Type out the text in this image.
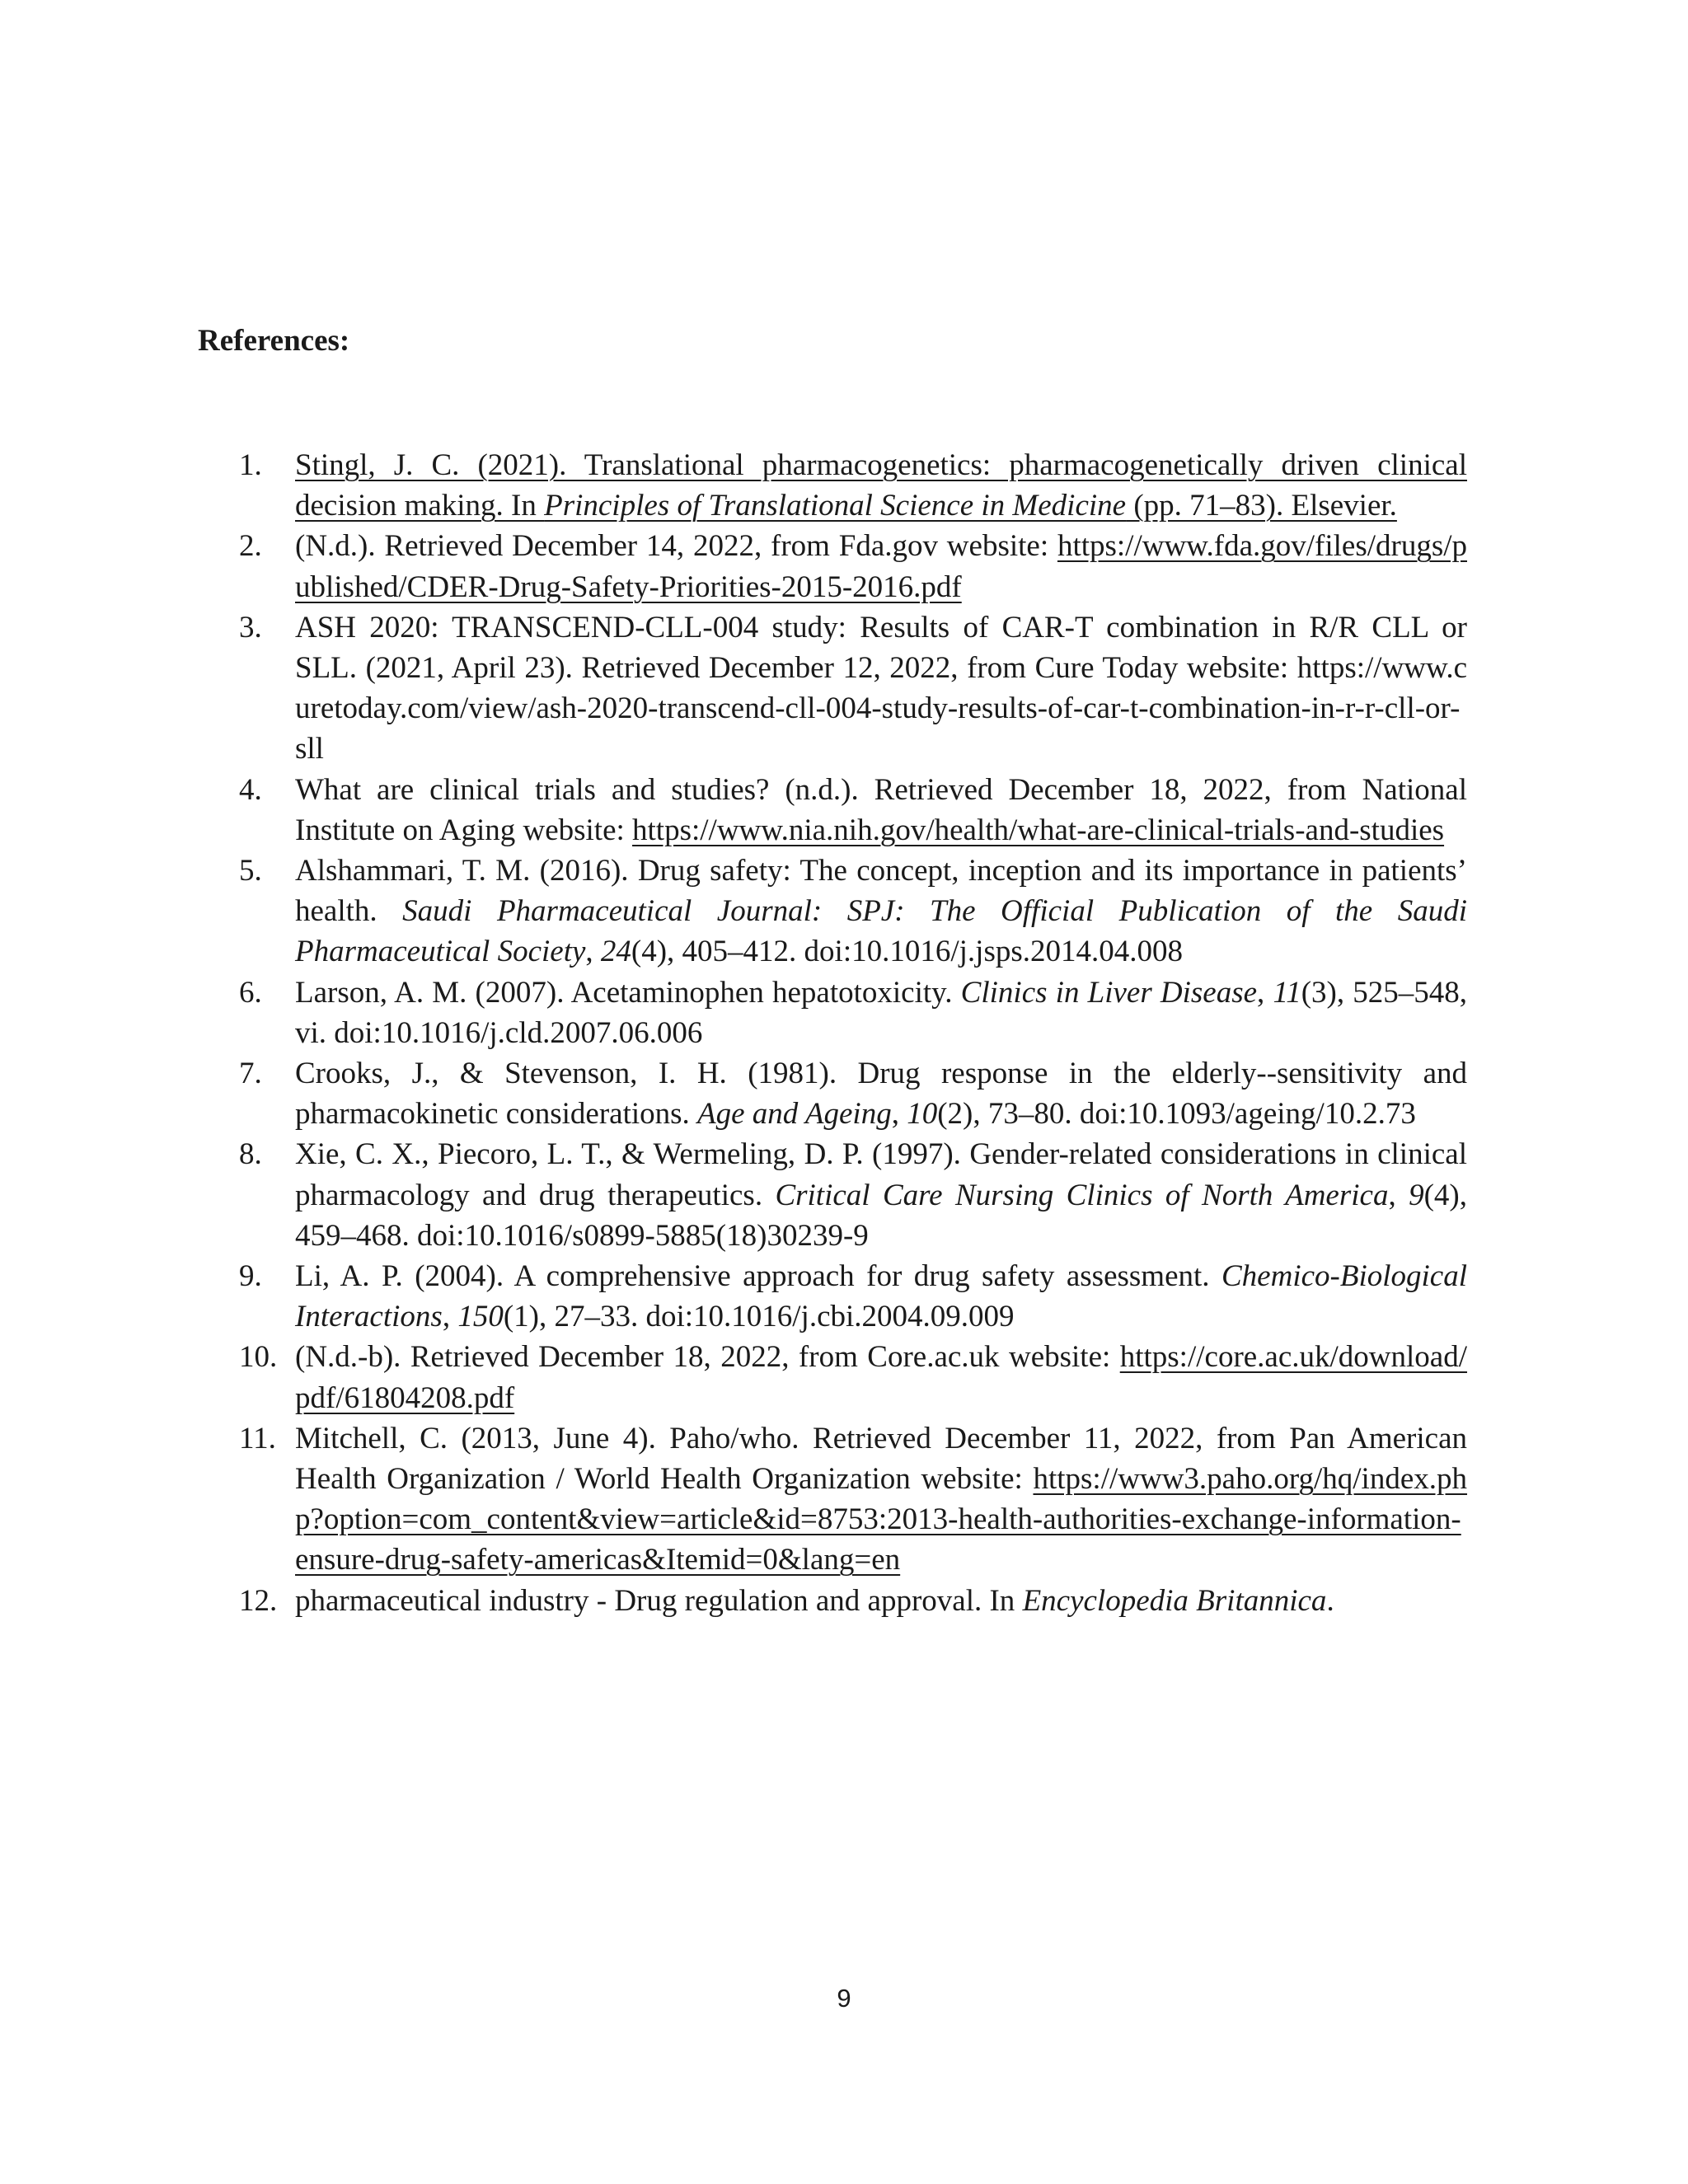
References:
1. Stingl, J. C. (2021). Translational pharmacogenetics: pharmacogenetically driven clinical decision making. In Principles of Translational Science in Medicine (pp. 71–83). Elsevier.
2. (N.d.). Retrieved December 14, 2022, from Fda.gov website: https://www.fda.gov/files/drugs/published/CDER-Drug-Safety-Priorities-2015-2016.pdf
3. ASH 2020: TRANSCEND-CLL-004 study: Results of CAR-T combination in R/R CLL or SLL. (2021, April 23). Retrieved December 12, 2022, from Cure Today website: https://www.curetoday.com/view/ash-2020-transcend-cll-004-study-results-of-car-t-combination-in-r-r-cll-or-sll
4. What are clinical trials and studies? (n.d.). Retrieved December 18, 2022, from National Institute on Aging website: https://www.nia.nih.gov/health/what-are-clinical-trials-and-studies
5. Alshammari, T. M. (2016). Drug safety: The concept, inception and its importance in patients’ health. Saudi Pharmaceutical Journal: SPJ: The Official Publication of the Saudi Pharmaceutical Society, 24(4), 405–412. doi:10.1016/j.jsps.2014.04.008
6. Larson, A. M. (2007). Acetaminophen hepatotoxicity. Clinics in Liver Disease, 11(3), 525–548, vi. doi:10.1016/j.cld.2007.06.006
7. Crooks, J., & Stevenson, I. H. (1981). Drug response in the elderly--sensitivity and pharmacokinetic considerations. Age and Ageing, 10(2), 73–80. doi:10.1093/ageing/10.2.73
8. Xie, C. X., Piecoro, L. T., & Wermeling, D. P. (1997). Gender-related considerations in clinical pharmacology and drug therapeutics. Critical Care Nursing Clinics of North America, 9(4), 459–468. doi:10.1016/s0899-5885(18)30239-9
9. Li, A. P. (2004). A comprehensive approach for drug safety assessment. Chemico-Biological Interactions, 150(1), 27–33. doi:10.1016/j.cbi.2004.09.009
10. (N.d.-b). Retrieved December 18, 2022, from Core.ac.uk website: https://core.ac.uk/download/pdf/61804208.pdf
11. Mitchell, C. (2013, June 4). Paho/who. Retrieved December 11, 2022, from Pan American Health Organization / World Health Organization website: https://www3.paho.org/hq/index.php?option=com_content&view=article&id=8753:2013-health-authorities-exchange-information-ensure-drug-safety-americas&Itemid=0&lang=en
12. pharmaceutical industry - Drug regulation and approval. In Encyclopedia Britannica.
9
